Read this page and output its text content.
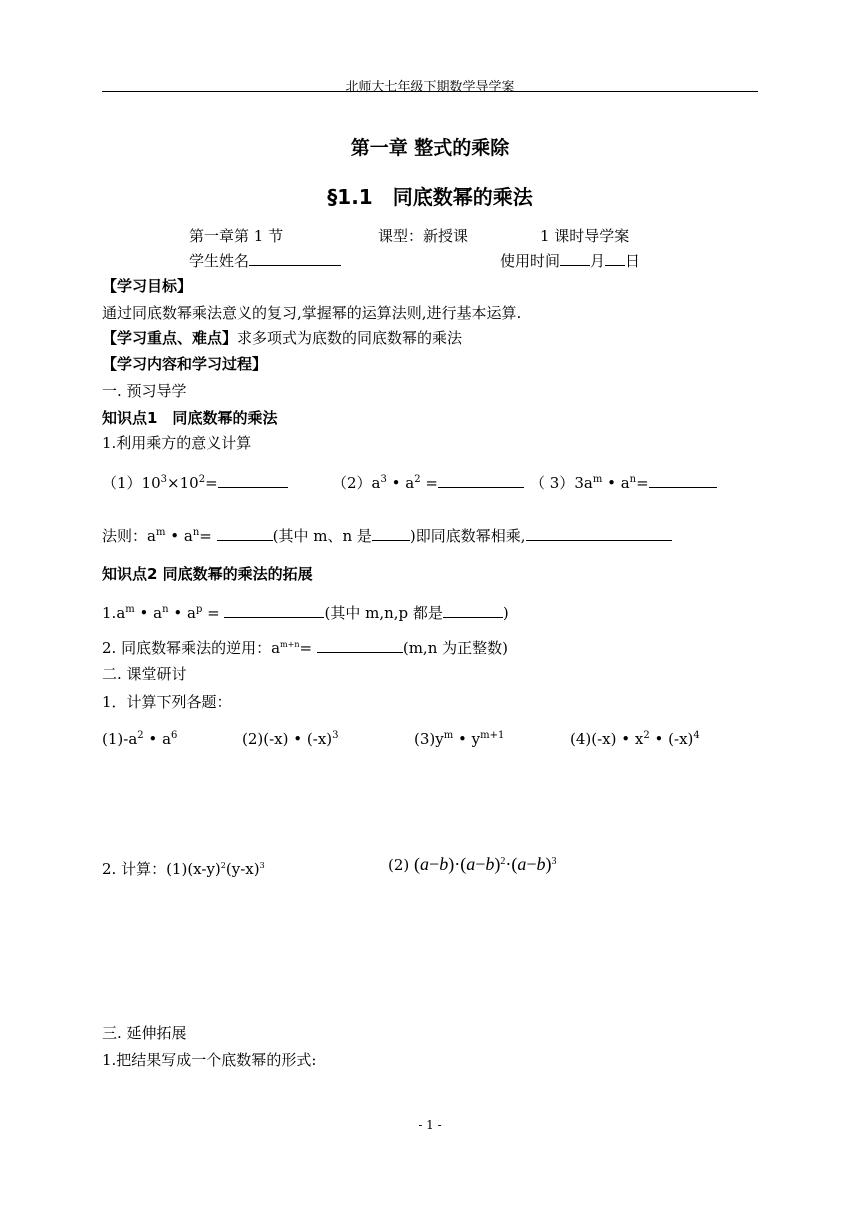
北师大七年级下期数学导学案
第一章 整式的乘除
§1.1　同底数幂的乘法
第一章第 1 节	课型：新授课	1 课时导学案
学生姓名	使用时间 月 日
【学习目标】
通过同底数幂乘法意义的复习,掌握幂的运算法则,进行基本运算.
【学习重点、难点】求多项式为底数的同底数幂的乘法
【学习内容和学习过程】
一. 预习导学
知识点1　同底数幂的乘法
1.利用乘方的意义计算
$(1)10^3\times 10^2=$	$(2)a^3$ • $a^2$ =	（ $3)3a^m$ • $a^n=$
法则：$a^m$ • $a^n=$	(其中 m、n 是	)即同底数幂相乘,
知识点2 同底数幂的乘法的拓展
$1.a^m$ • $a^n$ • $a^p$ =	(其中 m,n,p 都是	)
2. 同底数幂乘法的逆用：$a^{m+n}=$	(m,n 为正整数)
二. 课堂研讨
1．计算下列各题：
$(1)-a^2$ • $a^6$	(2)(-x) • $(-x)^3$	$(3)y^m$ • $y^{m+1}$	(4)(-x) • $x^2$ • $(-x)^4$
2. 计算：$(1)(x-y)^2(y-x)^3$	(2) $(a-b)\cdot(a-b)^2\cdot(a-b)^3$
三. 延伸拓展
1.把结果写成一个底数幂的形式:
- 1 -
